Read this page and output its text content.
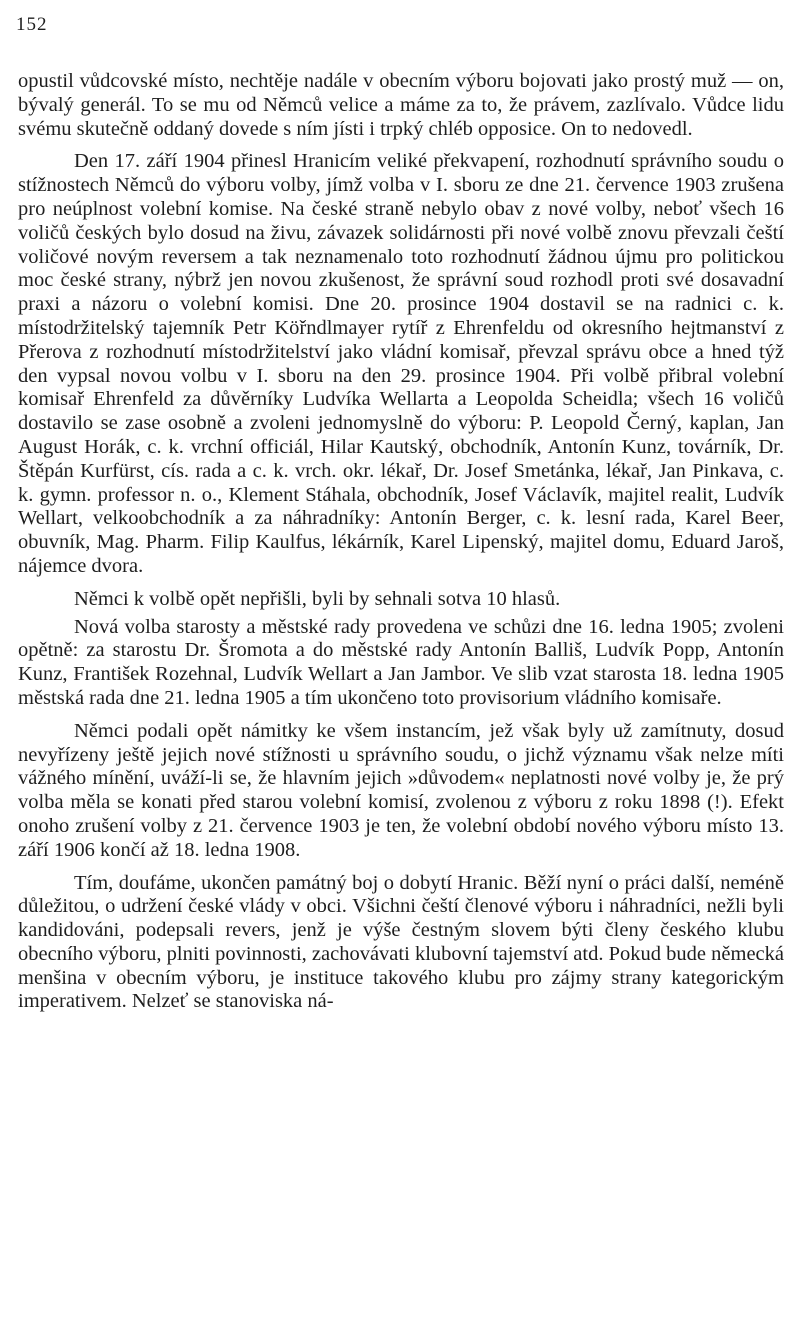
152

opustil vůdcovské místo, nechtěje nadále v obecním výboru bojovati jako prostý muž — on, bývalý generál. To se mu od Němců velice a máme za to, že právem, zazlívalo. Vůdce lidu svému skutečně oddaný dovede s ním jísti i trpký chléb opposice. On to nedovedl.

Den 17. září 1904 přinesl Hranicím veliké překvapení, rozhodnutí správního soudu o stížnostech Němců do výboru volby, jímž volba v I. sboru ze dne 21. července 1903 zrušena pro neúplnost volební komise. Na české straně nebylo obav z nové volby, neboť všech 16 voličů českých bylo dosud na živu, závazek solidárnosti při nové volbě znovu převzali čeští voličové novým reversem a tak neznamenalo toto rozhodnutí žádnou újmu pro politickou moc české strany, nýbrž jen novou zkušenost, že správní soud rozhodl proti své dosavadní praxi a názoru o volební komisi. Dne 20. prosince 1904 dostavil se na radnici c. k. místodržitelský tajemník Petr Köřndlmayer rytíř z Ehrenfeldu od okresního hejtmanství z Přerova z rozhodnutí místodržitelství jako vládní komisař, převzal správu obce a hned týž den vypsal novou volbu v I. sboru na den 29. prosince 1904. Při volbě přibral volební komisař Ehrenfeld za důvěrníky Ludvíka Wellarta a Leopolda Scheidla; všech 16 voličů dostavilo se zase osobně a zvoleni jednomyslně do výboru: P. Leopold Černý, kaplan, Jan August Horák, c. k. vrchní officiál, Hilar Kautský, obchodník, Antonín Kunz, továrník, Dr. Štěpán Kurfürst, cís. rada a c. k. vrch. okr. lékař, Dr. Josef Smetánka, lékař, Jan Pinkava, c. k. gymn. professor n. o., Klement Stáhala, obchodník, Josef Václavík, majitel realit, Ludvík Wellart, velkoobchodník a za náhradníky: Antonín Berger, c. k. lesní rada, Karel Beer, obuvník, Mag. Pharm. Filip Kaulfus, lékárník, Karel Lipenský, majitel domu, Eduard Jaroš, nájemce dvora.

Němci k volbě opět nepřišli, byli by sehnali sotva 10 hlasů.

Nová volba starosty a městské rady provedena ve schůzi dne 16. ledna 1905; zvoleni opětně: za starostu Dr. Šromota a do městské rady Antonín Balliš, Ludvík Popp, Antonín Kunz, František Rozehnal, Ludvík Wellart a Jan Jambor. Ve slib vzat starosta 18. ledna 1905 městská rada dne 21. ledna 1905 a tím ukončeno toto provisorium vládního komisaře.

Němci podali opět námitky ke všem instancím, jež však byly už zamítnuty, dosud nevyřízeny ještě jejich nové stížnosti u správního soudu, o jichž významu však nelze míti vážného mínění, uváží-li se, že hlavním jejich »důvodem« neplatnosti nové volby je, že prý volba měla se konati před starou volební komisí, zvolenou z výboru z roku 1898 (!). Efekt onoho zrušení volby z 21. července 1903 je ten, že volební období nového výboru místo 13. září 1906 končí až 18. ledna 1908.

Tím, doufáme, ukončen památný boj o dobytí Hranic. Běží nyní o práci další, neméně důležitou, o udržení české vlády v obci. Všichni čeští členové výboru i náhradníci, nežli byli kandidováni, podepsali revers, jenž je výše čestným slovem býti členy českého klubu obecního výboru, plniti povinnosti, zachovávati klubovní tajemství atd. Pokud bude německá menšina v obecním výboru, je instituce takového klubu pro zájmy strany kategorickým imperativem. Nelzeť se stanoviska ná-
